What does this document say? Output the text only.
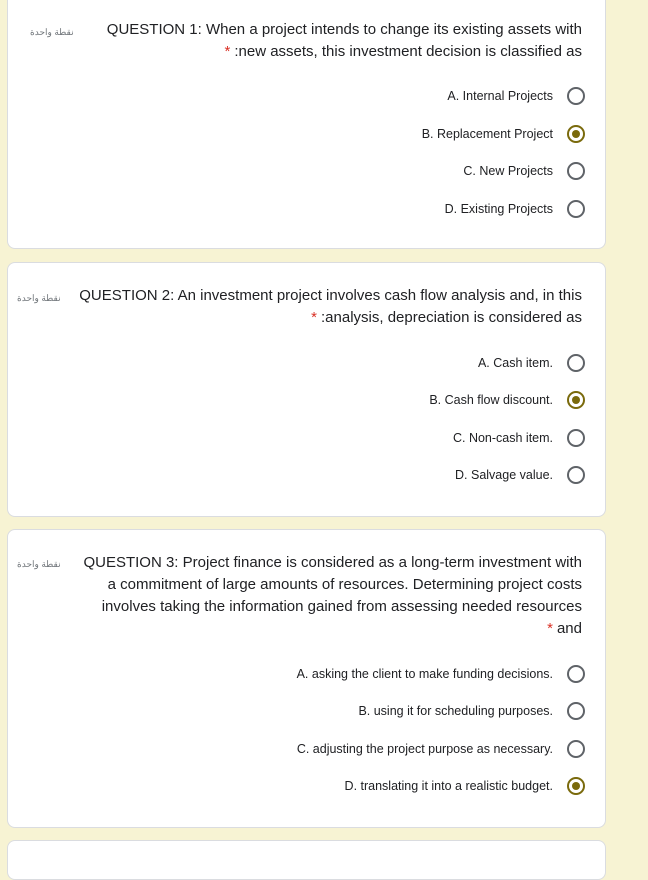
نقطة واحدة	QUESTION 1: When a project intends to change its existing assets with
* :new assets, this investment decision is classified as
A. Internal Projects
B. Replacement Project
C. New Projects
D. Existing Projects
نقطة واحدة	QUESTION 2: An investment project involves cash flow analysis and, in this
* :analysis, depreciation is considered as
A. Cash item.
B. Cash flow discount.
C. Non-cash item.
D. Salvage value.
نقطة واحدة	QUESTION 3: Project finance is considered as a long-term investment with
a commitment of large amounts of resources. Determining project costs
involves taking the information gained from assessing needed resources
* and
A. asking the client to make funding decisions.
B. using it for scheduling purposes.
C. adjusting the project purpose as necessary.
D. translating it into a realistic budget.
